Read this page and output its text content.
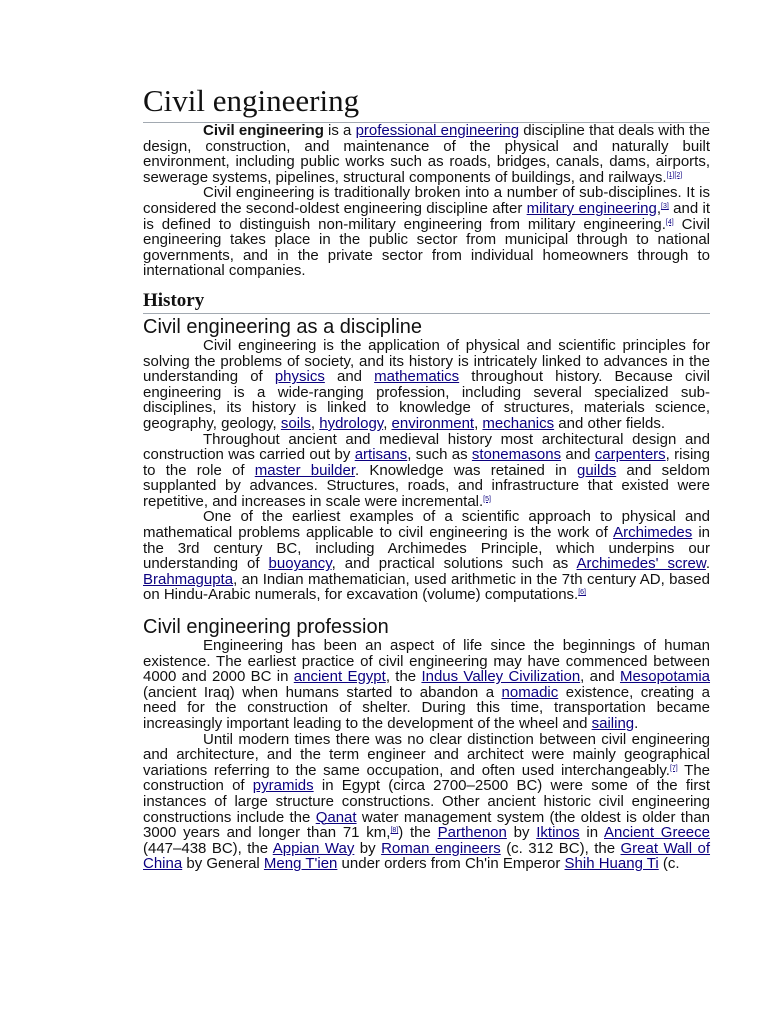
Civil engineering

Civil engineering is a professional engineering discipline that deals with the design, construction, and maintenance of the physical and naturally built environment, including public works such as roads, bridges, canals, dams, airports, sewerage systems, pipelines, structural components of buildings, and railways.[1][2]

Civil engineering is traditionally broken into a number of sub-disciplines. It is considered the second-oldest engineering discipline after military engineering,[3] and it is defined to distinguish non-military engineering from military engineering.[4] Civil engineering takes place in the public sector from municipal through to national governments, and in the private sector from individual homeowners through to international companies.

History
Civil engineering as a discipline

Civil engineering is the application of physical and scientific principles for solving the problems of society, and its history is intricately linked to advances in the understanding of physics and mathematics throughout history. Because civil engineering is a wide-ranging profession, including several specialized sub-disciplines, its history is linked to knowledge of structures, materials science, geography, geology, soils, hydrology, environment, mechanics and other fields.

Throughout ancient and medieval history most architectural design and construction was carried out by artisans, such as stonemasons and carpenters, rising to the role of master builder. Knowledge was retained in guilds and seldom supplanted by advances. Structures, roads, and infrastructure that existed were repetitive, and increases in scale were incremental.[5]

One of the earliest examples of a scientific approach to physical and mathematical problems applicable to civil engineering is the work of Archimedes in the 3rd century BC, including Archimedes Principle, which underpins our understanding of buoyancy, and practical solutions such as Archimedes' screw. Brahmagupta, an Indian mathematician, used arithmetic in the 7th century AD, based on Hindu-Arabic numerals, for excavation (volume) computations.[6]

Civil engineering profession

Engineering has been an aspect of life since the beginnings of human existence. The earliest practice of civil engineering may have commenced between 4000 and 2000 BC in ancient Egypt, the Indus Valley Civilization, and Mesopotamia (ancient Iraq) when humans started to abandon a nomadic existence, creating a need for the construction of shelter. During this time, transportation became increasingly important leading to the development of the wheel and sailing.

Until modern times there was no clear distinction between civil engineering and architecture, and the term engineer and architect were mainly geographical variations referring to the same occupation, and often used interchangeably.[7] The construction of pyramids in Egypt (circa 2700–2500 BC) were some of the first instances of large structure constructions. Other ancient historic civil engineering constructions include the Qanat water management system (the oldest is older than 3000 years and longer than 71 km,[8]) the Parthenon by Iktinos in Ancient Greece (447–438 BC), the Appian Way by Roman engineers (c. 312 BC), the Great Wall of China by General Meng T'ien under orders from Ch'in Emperor Shih Huang Ti (c.
